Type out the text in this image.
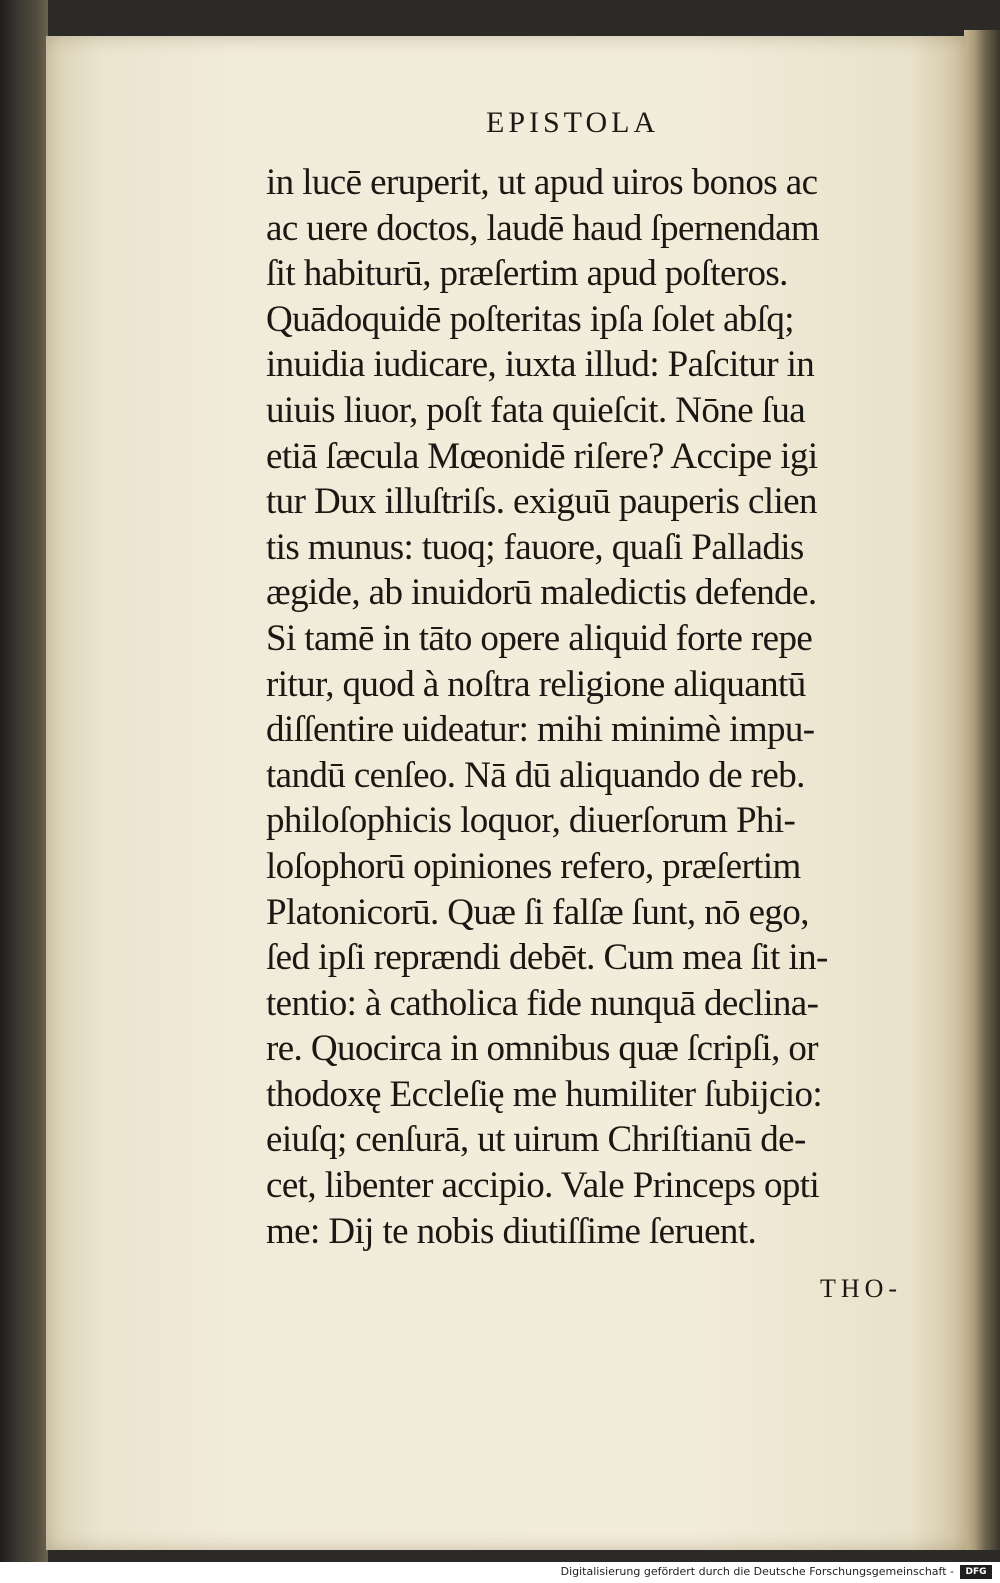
EPISTOLA
in lucē eruperit, ut apud uiros bonos ac
ac uere doctos, laudē haud ſpernendam
ſit habiturū, præſertim apud poſteros.
Quādoquidē poſteritas ipſa ſolet abſq;
inuidia iudicare, iuxta illud: Paſcitur in
uiuis liuor, poſt fata quieſcit. Nōne ſua
etiā ſæcula Mœonidē riſere? Accipe igi
tur Dux illuſtriſs. exiguū pauperis clien
tis munus: tuoq; fauore, quaſi Palladis
ægide, ab inuidorū maledictis defende.
Si tamē in tāto opere aliquid forte repe
ritur, quod à noſtra religione aliquantū
diſſentire uideatur: mihi minimè impu-
tandū cenſeo. Nā dū aliquando de reb.
philoſophicis loquor, diuerſorum Phi-
loſophorū opiniones refero, præſertim
Platonicorū. Quæ ſi falſæ ſunt, nō ego,
ſed ipſi reprændi debēt. Cum mea ſit in-
tentio: à catholica fide nunquā declina-
re. Quocirca in omnibus quæ ſcripſi, or
thodoxę Eccleſię me humiliter ſubijcio:
eiuſq; cenſurā, ut uirum Chriſtianū de-
cet, libenter accipio. Vale Princeps opti
me: Dij te nobis diutiſſime ſeruent.
THO-
Digitalisierung gefördert durch die Deutsche Forschungsgemeinschaft -	DFG
